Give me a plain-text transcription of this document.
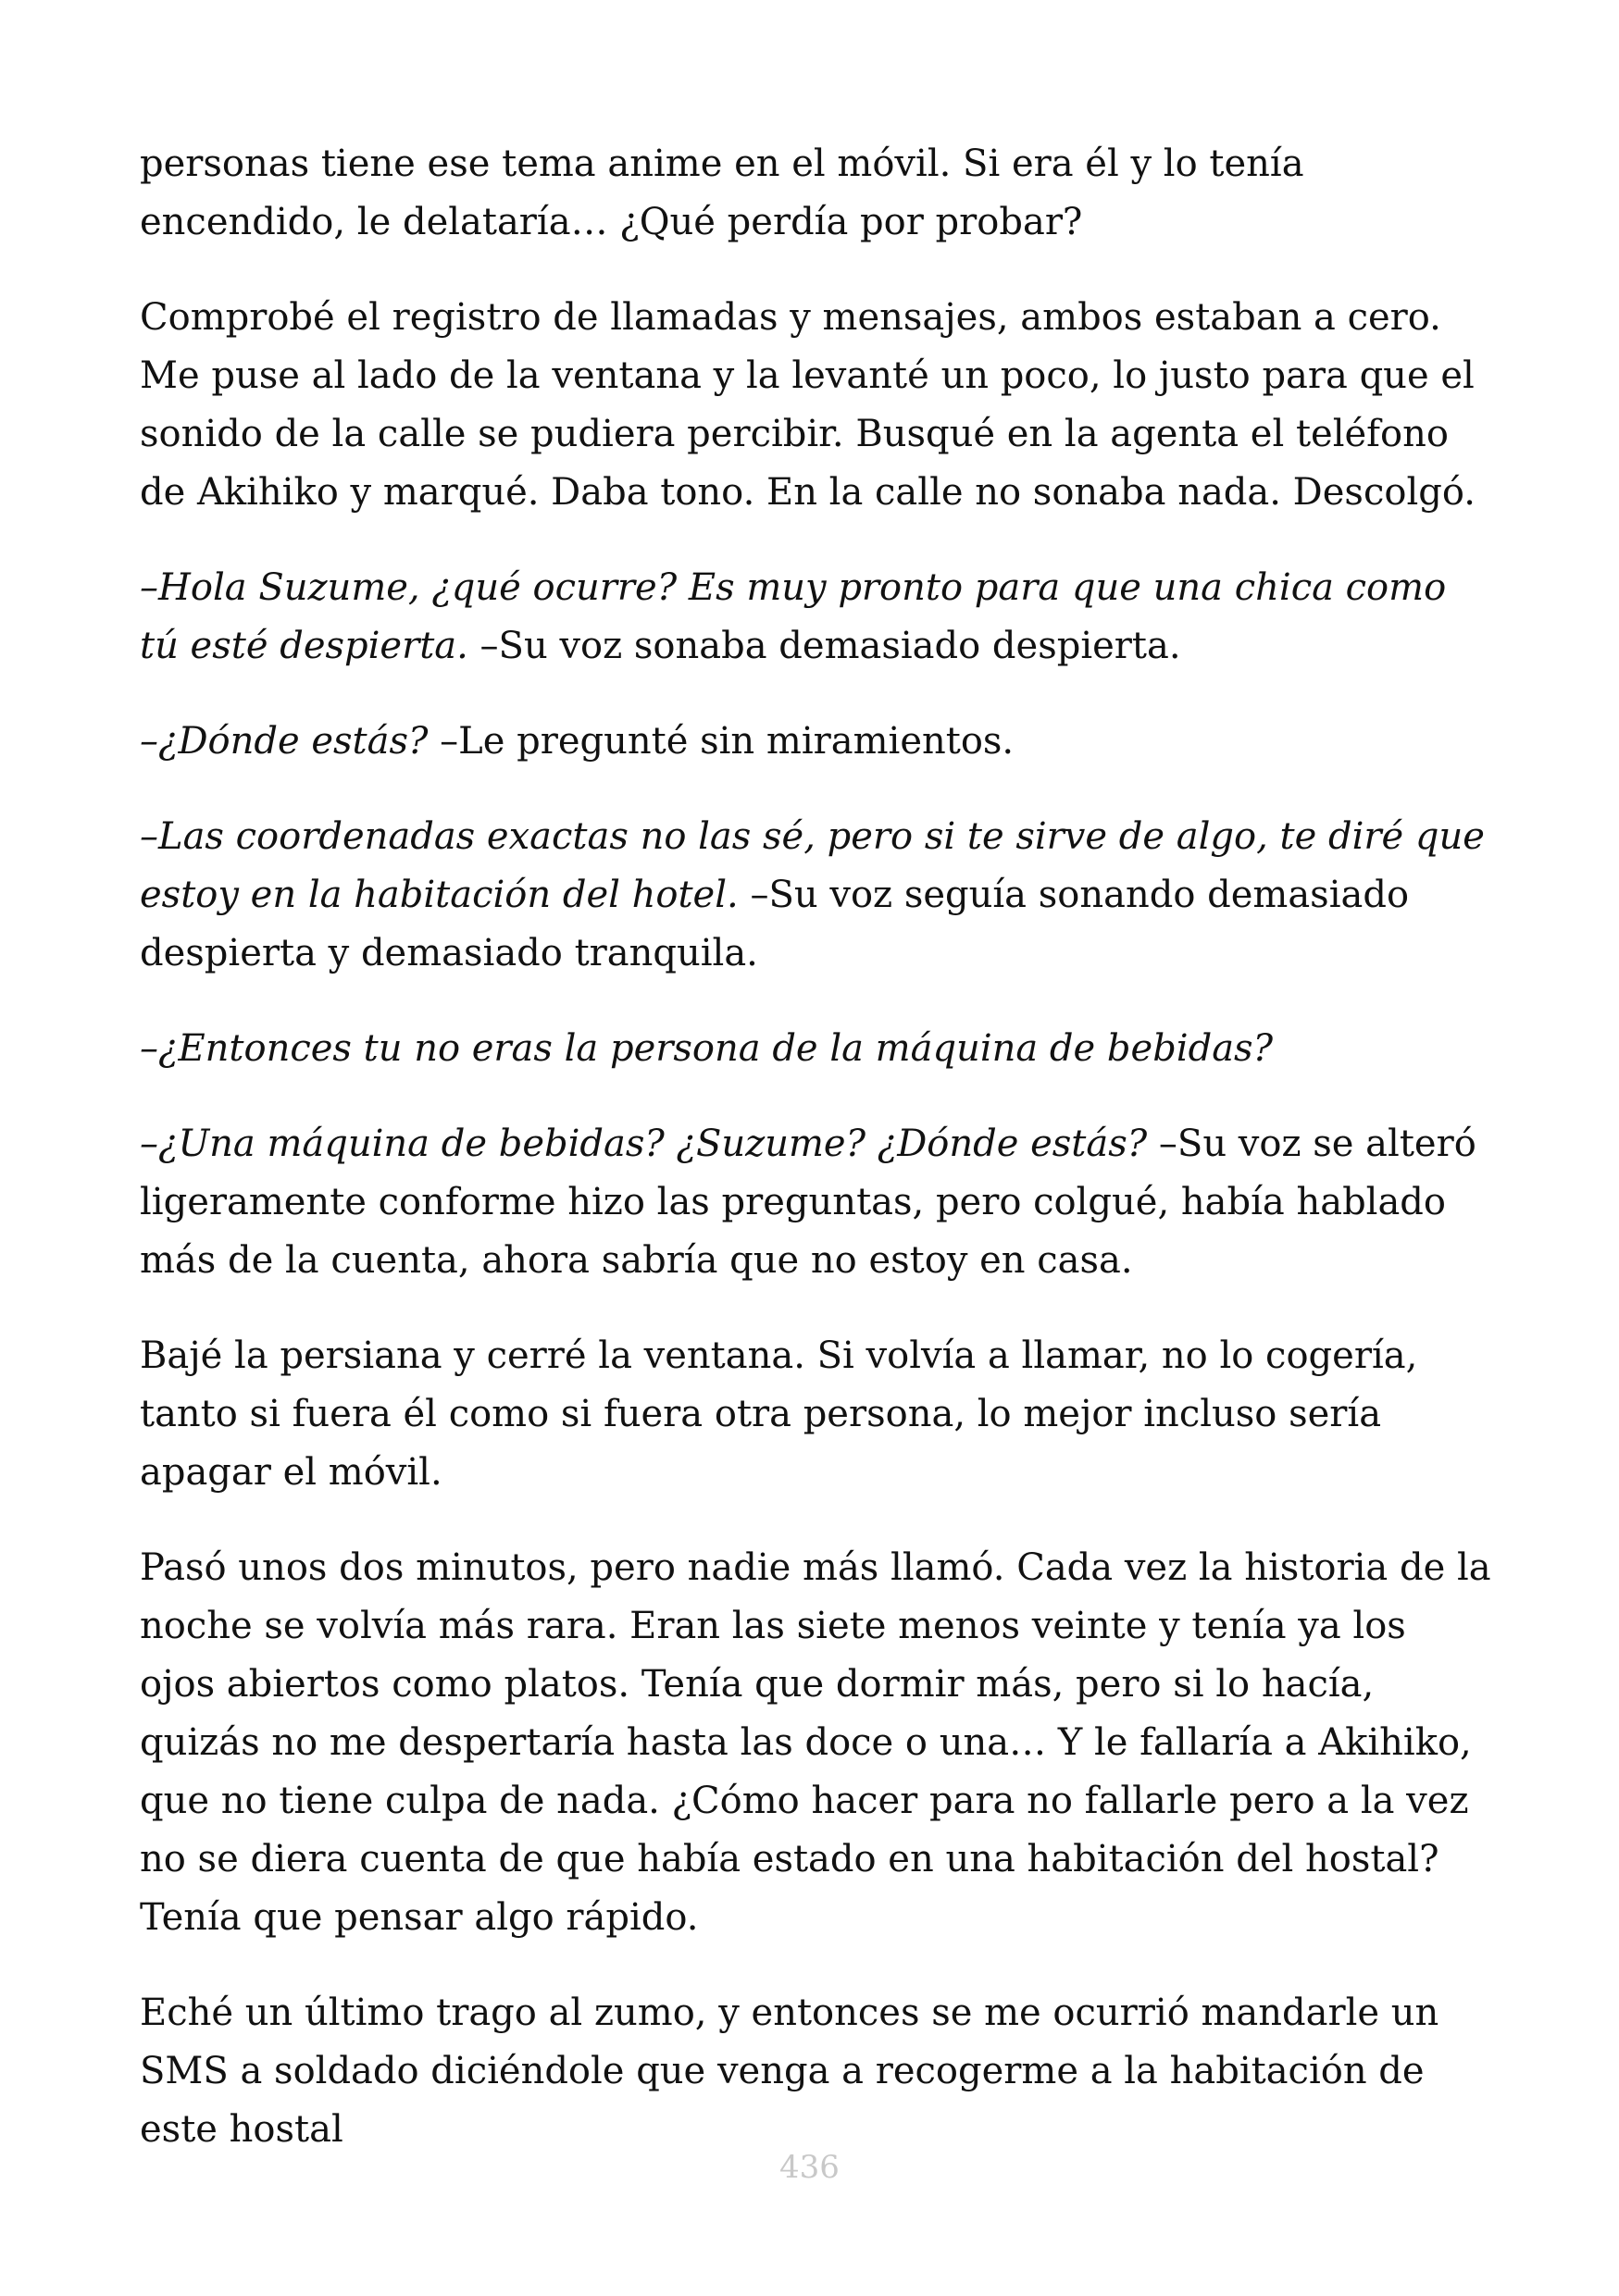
personas tiene ese tema anime en el móvil. Si era él y lo tenía encendido, le delataría… ¿Qué perdía por probar?

Comprobé el registro de llamadas y mensajes, ambos estaban a cero. Me puse al lado de la ventana y la levanté un poco, lo justo para que el sonido de la calle se pudiera percibir. Busqué en la agenta el teléfono de Akihiko y marqué. Daba tono. En la calle no sonaba nada. Descolgó.

–Hola Suzume, ¿qué ocurre? Es muy pronto para que una chica como tú esté despierta. –Su voz sonaba demasiado despierta.

–¿Dónde estás? –Le pregunté sin miramientos.

–Las coordenadas exactas no las sé, pero si te sirve de algo, te diré que estoy en la habitación del hotel. –Su voz seguía sonando demasiado despierta y demasiado tranquila.

–¿Entonces tu no eras la persona de la máquina de bebidas?

–¿Una máquina de bebidas? ¿Suzume? ¿Dónde estás? –Su voz se alteró ligeramente conforme hizo las preguntas, pero colgué, había hablado más de la cuenta, ahora sabría que no estoy en casa.

Bajé la persiana y cerré la ventana. Si volvía a llamar, no lo cogería, tanto si fuera él como si fuera otra persona, lo mejor incluso sería apagar el móvil.

Pasó unos dos minutos, pero nadie más llamó. Cada vez la historia de la noche se volvía más rara. Eran las siete menos veinte y tenía ya los ojos abiertos como platos. Tenía que dormir más, pero si lo hacía, quizás no me despertaría hasta las doce o una… Y le fallaría a Akihiko, que no tiene culpa de nada. ¿Cómo hacer para no fallarle pero a la vez no se diera cuenta de que había estado en una habitación del hostal? Tenía que pensar algo rápido.

Eché un último trago al zumo, y entonces se me ocurrió mandarle un SMS a soldado diciéndole que venga a recogerme a la habitación de este hostal

436
